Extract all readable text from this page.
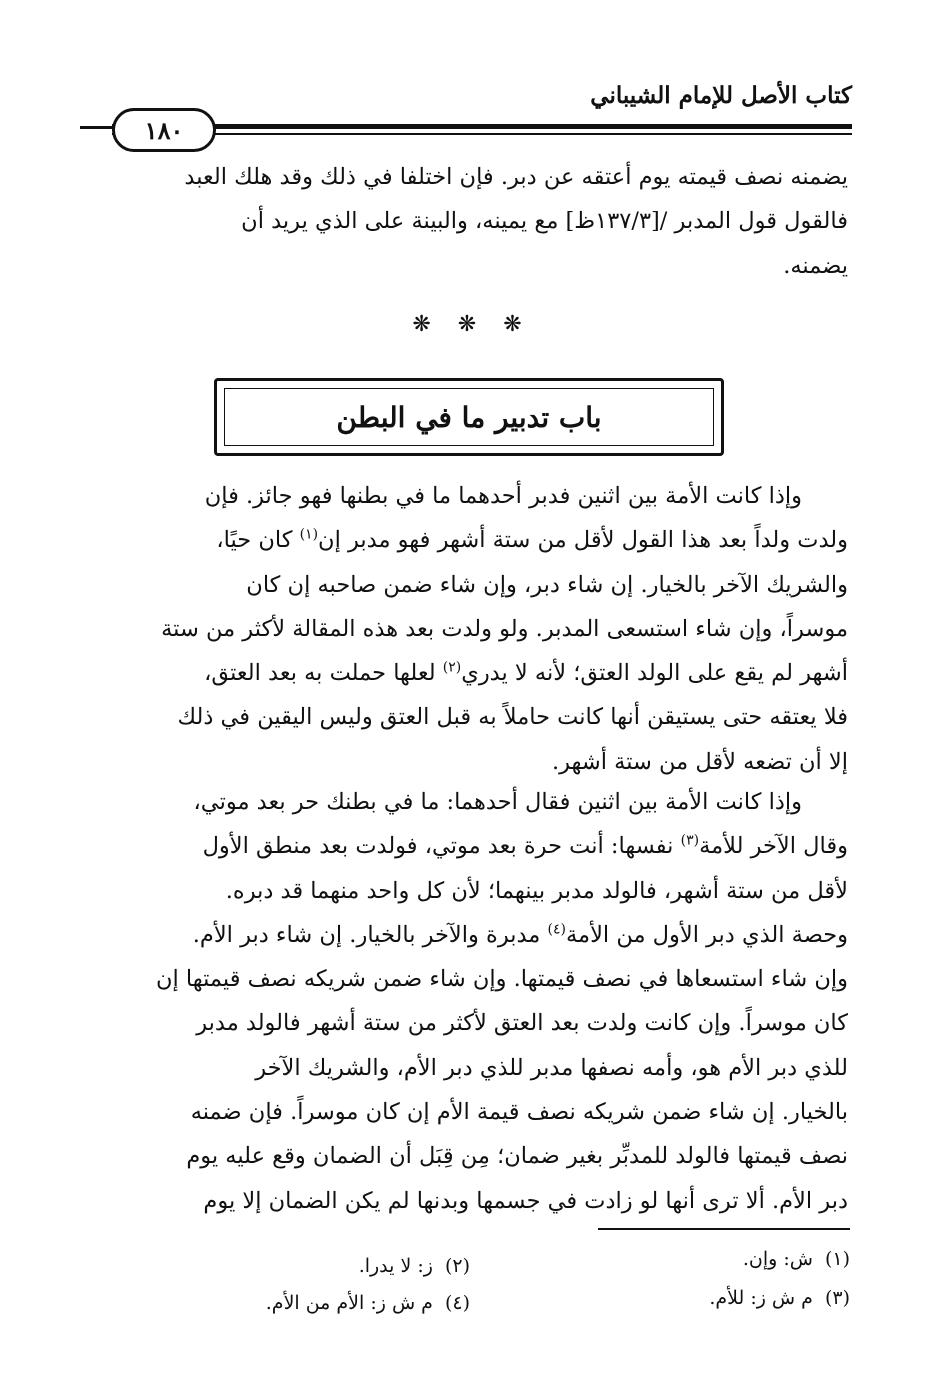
كتاب الأصل للإمام الشيباني
١٨٠
يضمنه نصف قيمته يوم أعتقه عن دبر. فإن اختلفا في ذلك وقد هلك العبد
فالقول قول المدبر /[١٣٧/٣ظ] مع يمينه، والبينة على الذي يريد أن
يضمنه.
❋ ❋ ❋
باب تدبير ما في البطن
وإذا كانت الأمة بين اثنين فدبر أحدهما ما في بطنها فهو جائز. فإن
ولدت ولداً بعد هذا القول لأقل من ستة أشهر فهو مدبر إن$^{(١)}$ كان حيًا،
والشريك الآخر بالخيار. إن شاء دبر، وإن شاء ضمن صاحبه إن كان
موسراً، وإن شاء استسعى المدبر. ولو ولدت بعد هذه المقالة لأكثر من ستة
أشهر لم يقع على الولد العتق؛ لأنه لا يدري$^{(٢)}$ لعلها حملت به بعد العتق،
فلا يعتقه حتى يستيقن أنها كانت حاملاً به قبل العتق وليس اليقين في ذلك
إلا أن تضعه لأقل من ستة أشهر.
وإذا كانت الأمة بين اثنين فقال أحدهما: ما في بطنك حر بعد موتي،
وقال الآخر للأمة$^{(٣)}$ نفسها: أنت حرة بعد موتي، فولدت بعد منطق الأول
لأقل من ستة أشهر، فالولد مدبر بينهما؛ لأن كل واحد منهما قد دبره.
وحصة الذي دبر الأول من الأمة$^{(٤)}$ مدبرة والآخر بالخيار. إن شاء دبر الأم.
وإن شاء استسعاها في نصف قيمتها. وإن شاء ضمن شريكه نصف قيمتها إن
كان موسراً. وإن كانت ولدت بعد العتق لأكثر من ستة أشهر فالولد مدبر
للذي دبر الأم هو، وأمه نصفها مدبر للذي دبر الأم، والشريك الآخر
بالخيار. إن شاء ضمن شريكه نصف قيمة الأم إن كان موسراً. فإن ضمنه
نصف قيمتها فالولد للمدبِّر بغير ضمان؛ مِن قِبَل أن الضمان وقع عليه يوم
دبر الأم. ألا ترى أنها لو زادت في جسمها وبدنها لم يكن الضمان إلا يوم
(١)ش: وإن.
(٢)ز: لا يدرا.
(٣)م ش ز: للأم.
(٤)م ش ز: الأم من الأم.
